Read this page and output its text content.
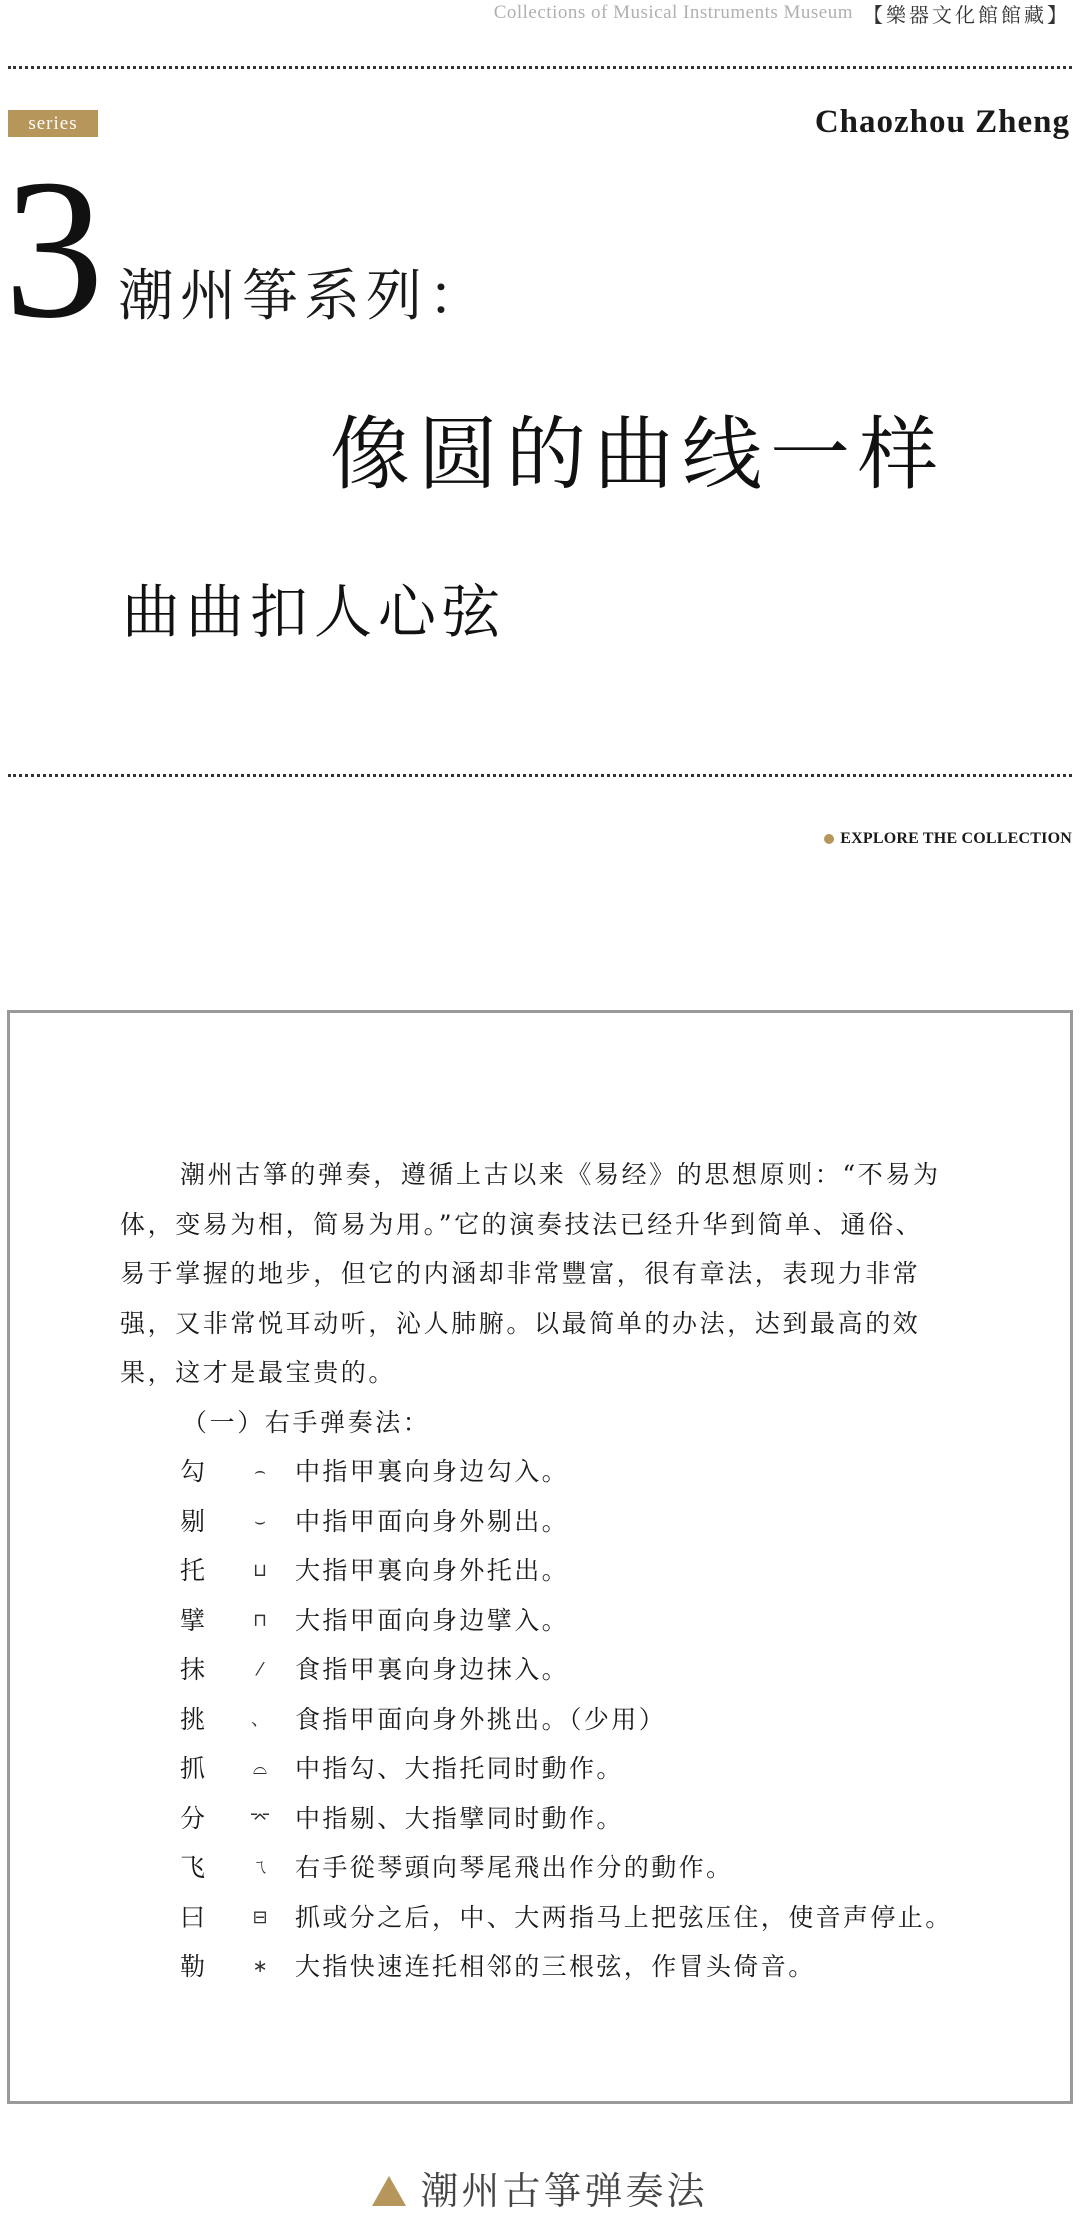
Collections of Musical Instruments Museum 【樂器文化館館藏】
series	Chaozhou Zheng
3 潮州筝系列：
像圆的曲线一样
曲曲扣人心弦
EXPLORE THE COLLECTION
潮州古箏的弹奏，遵循上古以来《易经》的思想原则：“不易为
体，变易为相，简易为用。”它的演奏技法已经升华到简单、通俗、
易于掌握的地步，但它的内涵却非常豐富，很有章法，表现力非常
强，又非常悦耳动听，沁人肺腑。以最简单的办法，达到最高的效
果，这才是最宝贵的。
（一）右手弹奏法：
勾	⌢	中指甲裏向身边勾入。
剔	⌣	中指甲面向身外剔出。
托	⊔	大指甲裏向身外托出。
擘	⊓	大指甲面向身边擘入。
抹	⁄	食指甲裏向身边抹入。
挑	、	食指甲面向身外挑出。（少用）
抓	⌓	中指勾、大指托同时動作。
分	⌤ 中指剔、大指擘同时動作。
飞	ㄟ	右手從琴頭向琴尾飛出作分的動作。
曰	⊟	抓或分之后，中、大两指马上把弦压住，使音声停止。
勒	∗	大指快速连托相邻的三根弦，作冒头倚音。
潮州古箏弹奏法
